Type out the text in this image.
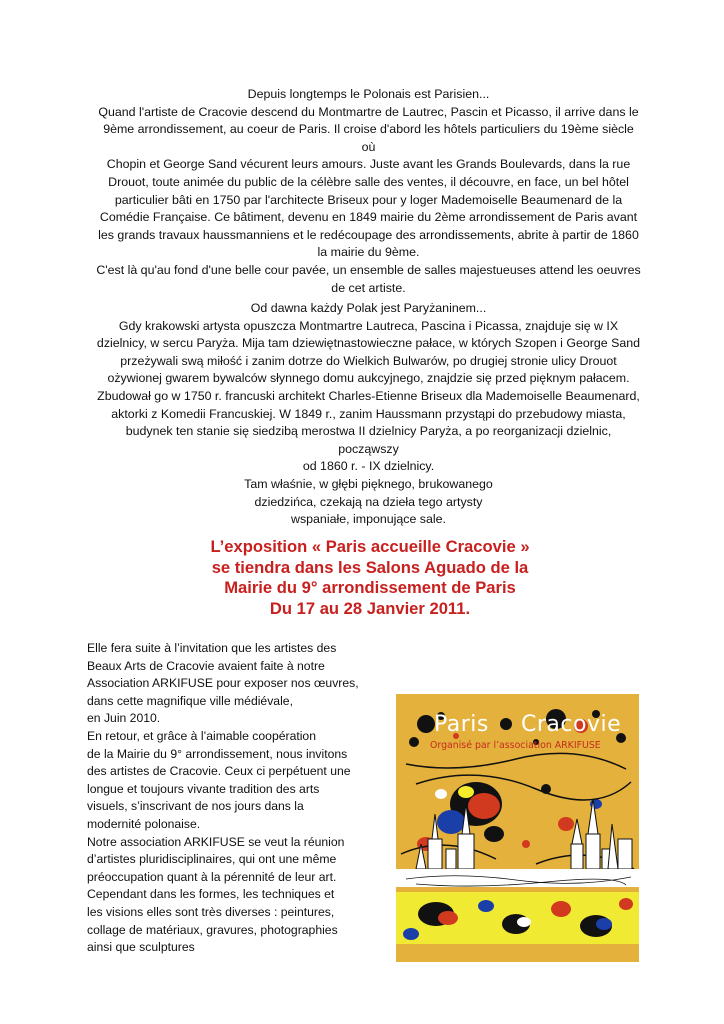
Depuis longtemps le Polonais est Parisien...

Quand l'artiste de Cracovie descend du Montmartre de Lautrec, Pascin et Picasso, il arrive dans le

9ème arrondissement, au coeur de Paris. Il croise d'abord les hôtels particuliers du 19ème siècle où

Chopin et George Sand vécurent leurs amours. Juste avant les Grands Boulevards, dans la rue

Drouot, toute animée du public de la célèbre salle des ventes, il découvre, en face, un bel hôtel

particulier bâti en 1750 par l'architecte Briseux pour y loger Mademoiselle Beaumenard de la

Comédie Française. Ce bâtiment, devenu en 1849 mairie du 2ème arrondissement de Paris avant

les grands travaux haussmanniens et le redécoupage des arrondissements, abrite à partir de 1860

la mairie du 9ème.

C'est là qu'au fond d'une belle cour pavée, un ensemble de salles majestueuses attend les oeuvres

de cet artiste.

Od dawna każdy Polak jest Paryżaninem...

Gdy krakowski artysta opuszcza Montmartre Lautreca, Pascina i Picassa, znajduje się w IX

dzielnicy, w sercu Paryża. Mija tam dziewiętnastowieczne pałace, w których Szopen i George Sand

przeżywali swą miłość i zanim dotrze do Wielkich Bulwarów, po drugiej stronie ulicy Drouot

ożywionej gwarem bywalców słynnego domu aukcyjnego, znajdzie się przed pięknym pałacem.

Zbudował go w 1750 r. francuski architekt Charles-Etienne Briseux dla Mademoiselle Beaumenard,

aktorki z Komedii Francuskiej. W 1849 r., zanim Haussmann przystąpi do przebudowy miasta,

budynek ten stanie się siedzibą merostwa II dzielnicy Paryża, a po reorganizacji dzielnic, począwszy

od 1860 r. - IX dzielnicy.

Tam właśnie, w głębi pięknego, brukowanego

dziedzińca, czekają na dzieła tego artysty

wspaniałe, imponujące sale.

L’exposition « Paris accueille Cracovie »

se tiendra dans les Salons Aguado de la

Mairie du 9° arrondissement de Paris

Du 17 au 28 Janvier 2011.

Elle fera suite à l’invitation que les artistes des

Beaux Arts de Cracovie avaient faite à notre

Association ARKIFUSE pour exposer nos œuvres,

dans cette magnifique ville médiévale,

en Juin 2010.

En retour, et grâce à l’aimable coopération

de la Mairie du 9° arrondissement, nous invitons

des artistes de Cracovie. Ceux ci perpétuent une

longue et toujours vivante tradition des arts

visuels, s’inscrivant de nos jours dans la

modernité polonaise.

Notre association ARKIFUSE se veut la réunion

d’artistes pluridisciplinaires, qui ont une même

préoccupation quant à la pérennité de leur art.

Cependant dans les formes, les techniques et

les visions elles sont très diverses : peintures,

collage de matériaux, gravures, photographies

ainsi que sculptures

Paris Cracovie
Organisé par l’association ARKIFUSE
